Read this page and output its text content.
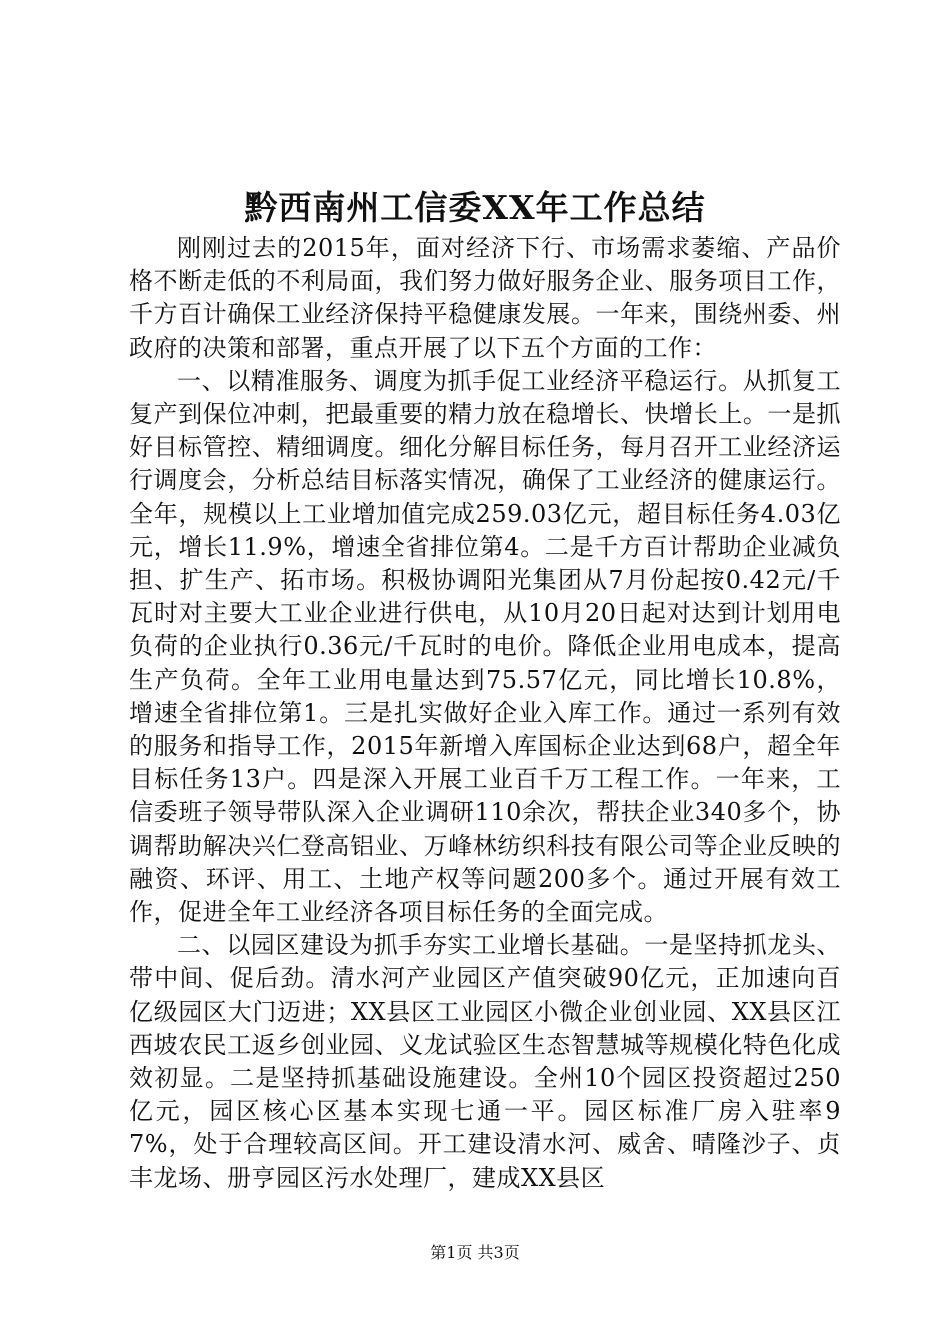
黔西南州工信委XX年工作总结

刚刚过去的2015年，面对经济下行、市场需求萎缩、产品价格不断走低的不利局面，我们努力做好服务企业、服务项目工作，千方百计确保工业经济保持平稳健康发展。一年来，围绕州委、州政府的决策和部署，重点开展了以下五个方面的工作：

一、以精准服务、调度为抓手促工业经济平稳运行。从抓复工复产到保位冲刺，把最重要的精力放在稳增长、快增长上。一是抓好目标管控、精细调度。细化分解目标任务，每月召开工业经济运行调度会，分析总结目标落实情况，确保了工业经济的健康运行。全年，规模以上工业增加值完成259.03亿元，超目标任务4.03亿元，增长11.9%，增速全省排位第4。二是千方百计帮助企业减负担、扩生产、拓市场。积极协调阳光集团从7月份起按0.42元/千瓦时对主要大工业企业进行供电，从10月20日起对达到计划用电负荷的企业执行0.36元/千瓦时的电价。降低企业用电成本，提高生产负荷。全年工业用电量达到75.57亿元，同比增长10.8%，增速全省排位第1。三是扎实做好企业入库工作。通过一系列有效的服务和指导工作，2015年新增入库国标企业达到68户，超全年目标任务13户。四是深入开展工业百千万工程工作。一年来，工信委班子领导带队深入企业调研110余次，帮扶企业340多个，协调帮助解决兴仁登高铝业、万峰林纺织科技有限公司等企业反映的融资、环评、用工、土地产权等问题200多个。通过开展有效工作，促进全年工业经济各项目标任务的全面完成。

二、以园区建设为抓手夯实工业增长基础。一是坚持抓龙头、带中间、促后劲。清水河产业园区产值突破90亿元，正加速向百亿级园区大门迈进；XX县区工业园区小微企业创业园、XX县区江西坡农民工返乡创业园、义龙试验区生态智慧城等规模化特色化成效初显。二是坚持抓基础设施建设。全州10个园区投资超过250亿元，园区核心区基本实现七通一平。园区标准厂房入驻率97%，处于合理较高区间。开工建设清水河、威舍、晴隆沙子、贞丰龙场、册亨园区污水处理厂，建成XX县区

第1页 共3页
